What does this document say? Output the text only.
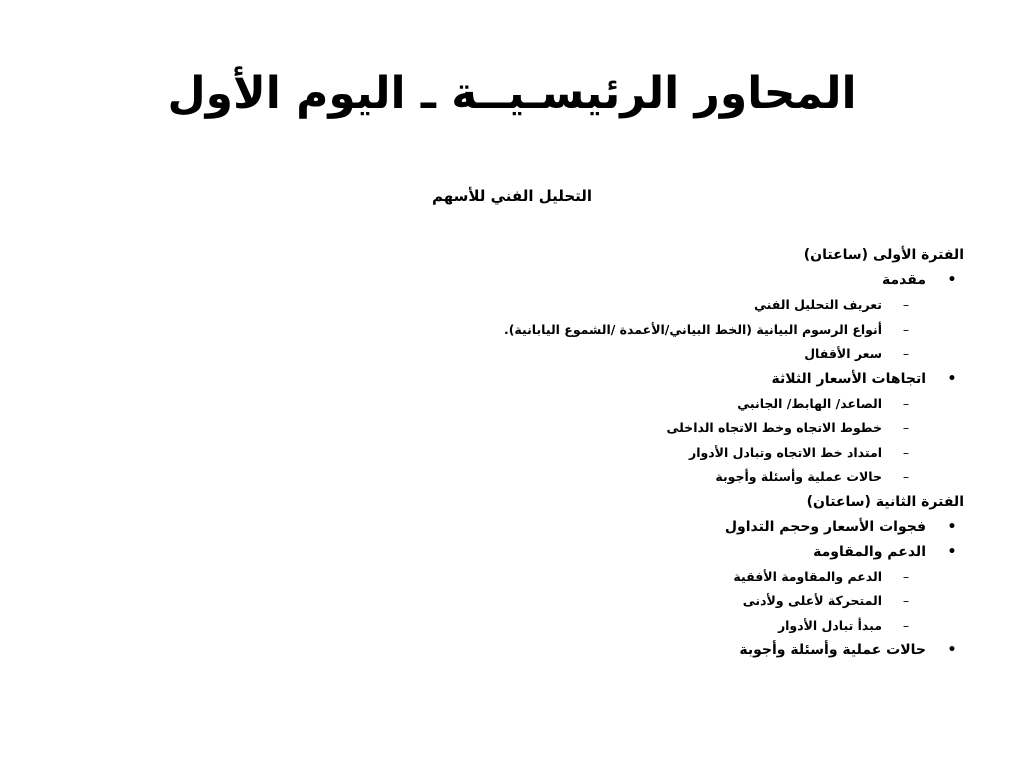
المحاور الرئيسـيــة ـ اليوم الأول
التحليل الفني للأسهم
الفترة الأولى (ساعتان)
•
مقدمة
–
تعريف التحليل الفني
–
أنواع الرسوم البيانية (الخط البياني/الأعمدة /الشموع اليابانية).
–
سعر الأقفال
•
اتجاهات الأسعار الثلاثة
–
الصاعد/ الهابط/ الجانبي
–
خطوط الاتجاه وخط الاتجاه الداخلى
–
امتداد خط الاتجاه وتبادل الأدوار
–
حالات عملية وأسئلة وأجوبة
الفترة الثانية (ساعتان)
•
فجوات الأسعار وحجم التداول
•
الدعم والمقاومة
–
الدعم والمقاومة الأفقية
–
المتحركة لأعلى ولأدنى
–
مبدأ تبادل الأدوار
•
حالات عملية وأسئلة وأجوبة
